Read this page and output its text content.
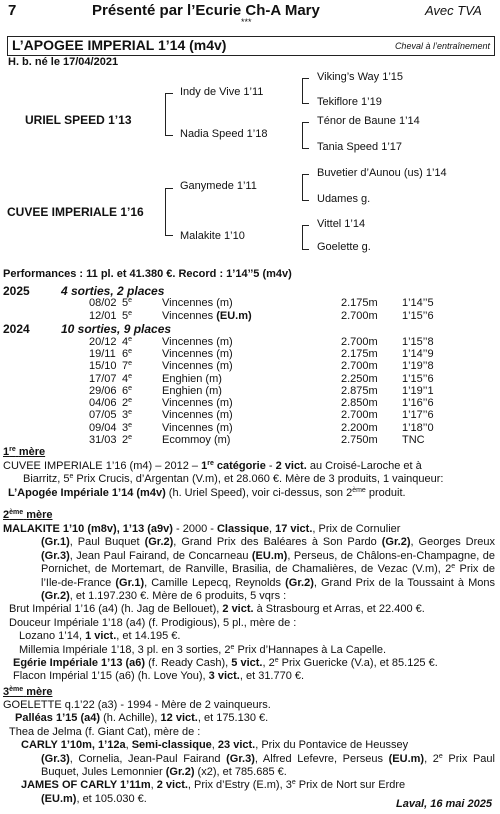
7	Présenté par l’Ecurie Ch-A Mary	Avec TVA
***
L’APOGEE IMPERIAL 1’14 (m4v)	Cheval à l’entraînement
H. b. né le 17/04/2021
URIEL SPEED 1’13
CUVEE IMPERIALE 1’16
Indy de Vive 1’11
Nadia Speed 1’18
Ganymede 1’11
Malakite 1’10
Viking’s Way 1’15
Tekiflore 1’19
Ténor de Baune 1’14
Tania Speed 1’17
Buvetier d’Aunou (us) 1’14
Udames g.
Vittel 1’14
Goelette g.
Performances : 11 pl. et 41.380 €. Record : 1’14’’5 (m4v)
2025	4 sorties, 2 places
2024	10 sorties, 9 places
08/02 5e	Vincennes (m)	2.175m 1’14’’5
12/01 5e	Vincennes (EU.m)	2.700m 1’15’’6
20/12 4e	Vincennes (m)	2.700m 1’15’’8
19/11 6e	Vincennes (m)	2.175m 1’14’’9
15/10 7e	Vincennes (m)	2.700m 1’19’’8
17/07 4e	Enghien (m)	2.250m 1’15’’6
29/06 6e	Enghien (m)	2.875m 1’19’’1
04/06 2e	Vincennes (m)	2.850m 1’16’’6
07/05 3e	Vincennes (m)	2.700m 1’17’’6
09/04 3e	Vincennes (m)	2.200m 1’18’’0
31/03 2e	Ecommoy (m)	2.750m TNC
1re mère
CUVEE IMPERIALE 1’16 (m4) – 2012 – 1re catégorie - 2 vict. au Croisé-Laroche et à
Biarritz, 5e Prix Crucis, d’Argentan (V.m), et 28.060 €. Mère de 3 produits, 1 vainqueur:
L’Apogée Impériale 1’14 (m4v) (h. Uriel Speed), voir ci-dessus, son 2ème produit.
2ème mère
MALAKITE 1’10 (m8v), 1’13 (a9v) - 2000 - Classique, 17 vict., Prix de Cornulier
(Gr.1), Paul Buquet (Gr.2), Grand Prix des Baléares à Son Pardo (Gr.2), Georges Dreux (Gr.3), Jean Paul Fairand, de Concarneau (EU.m), Perseus, de Châlons-en-Champagne, de Pornichet, de Mortemart, de Ranville, Brasilia, de Chamalières, de Vezac (V.m), 2e Prix de l’Ile-de-France (Gr.1), Camille Lepecq, Reynolds (Gr.2), Grand Prix de la Toussaint à Mons (Gr.2), et 1.197.230 €. Mère de 6 produits, 5 vqrs :
Brut Impérial 1’16 (a4) (h. Jag de Bellouet), 2 vict. à Strasbourg et Arras, et 22.400 €.
Douceur Impériale 1’18 (a4) (f. Prodigious), 5 pl., mère de :
Lozano 1’14, 1 vict., et 14.195 €.
Millemia Impériale 1’18, 3 pl. en 3 sorties, 2e Prix d’Hannapes à La Capelle.
Egérie Impériale 1’13 (a6) (f. Ready Cash), 5 vict., 2e Prix Guericke (V.a), et 85.125 €.
Flacon Impérial 1’15 (a6) (h. Love You), 3 vict., et 31.770 €.
3ème mère
GOELETTE q.1’22 (a3) - 1994 - Mère de 2 vainqueurs.
Palléas 1’15 (a4) (h. Achille), 12 vict., et 175.130 €.
Thea de Jelma (f. Giant Cat), mère de :
CARLY 1’10m, 1’12a, Semi-classique, 23 vict., Prix du Pontavice de Heussey
(Gr.3), Cornelia, Jean-Paul Fairand (Gr.3), Alfred Lefevre, Perseus (EU.m), 2e Prix Paul Buquet, Jules Lemonnier (Gr.2) (x2), et 785.685 €.
JAMES OF CARLY 1’11m, 2 vict., Prix d’Estry (E.m), 3e Prix de Nort sur Erdre
(EU.m), et 105.030 €.	Laval, 16 mai 2025
